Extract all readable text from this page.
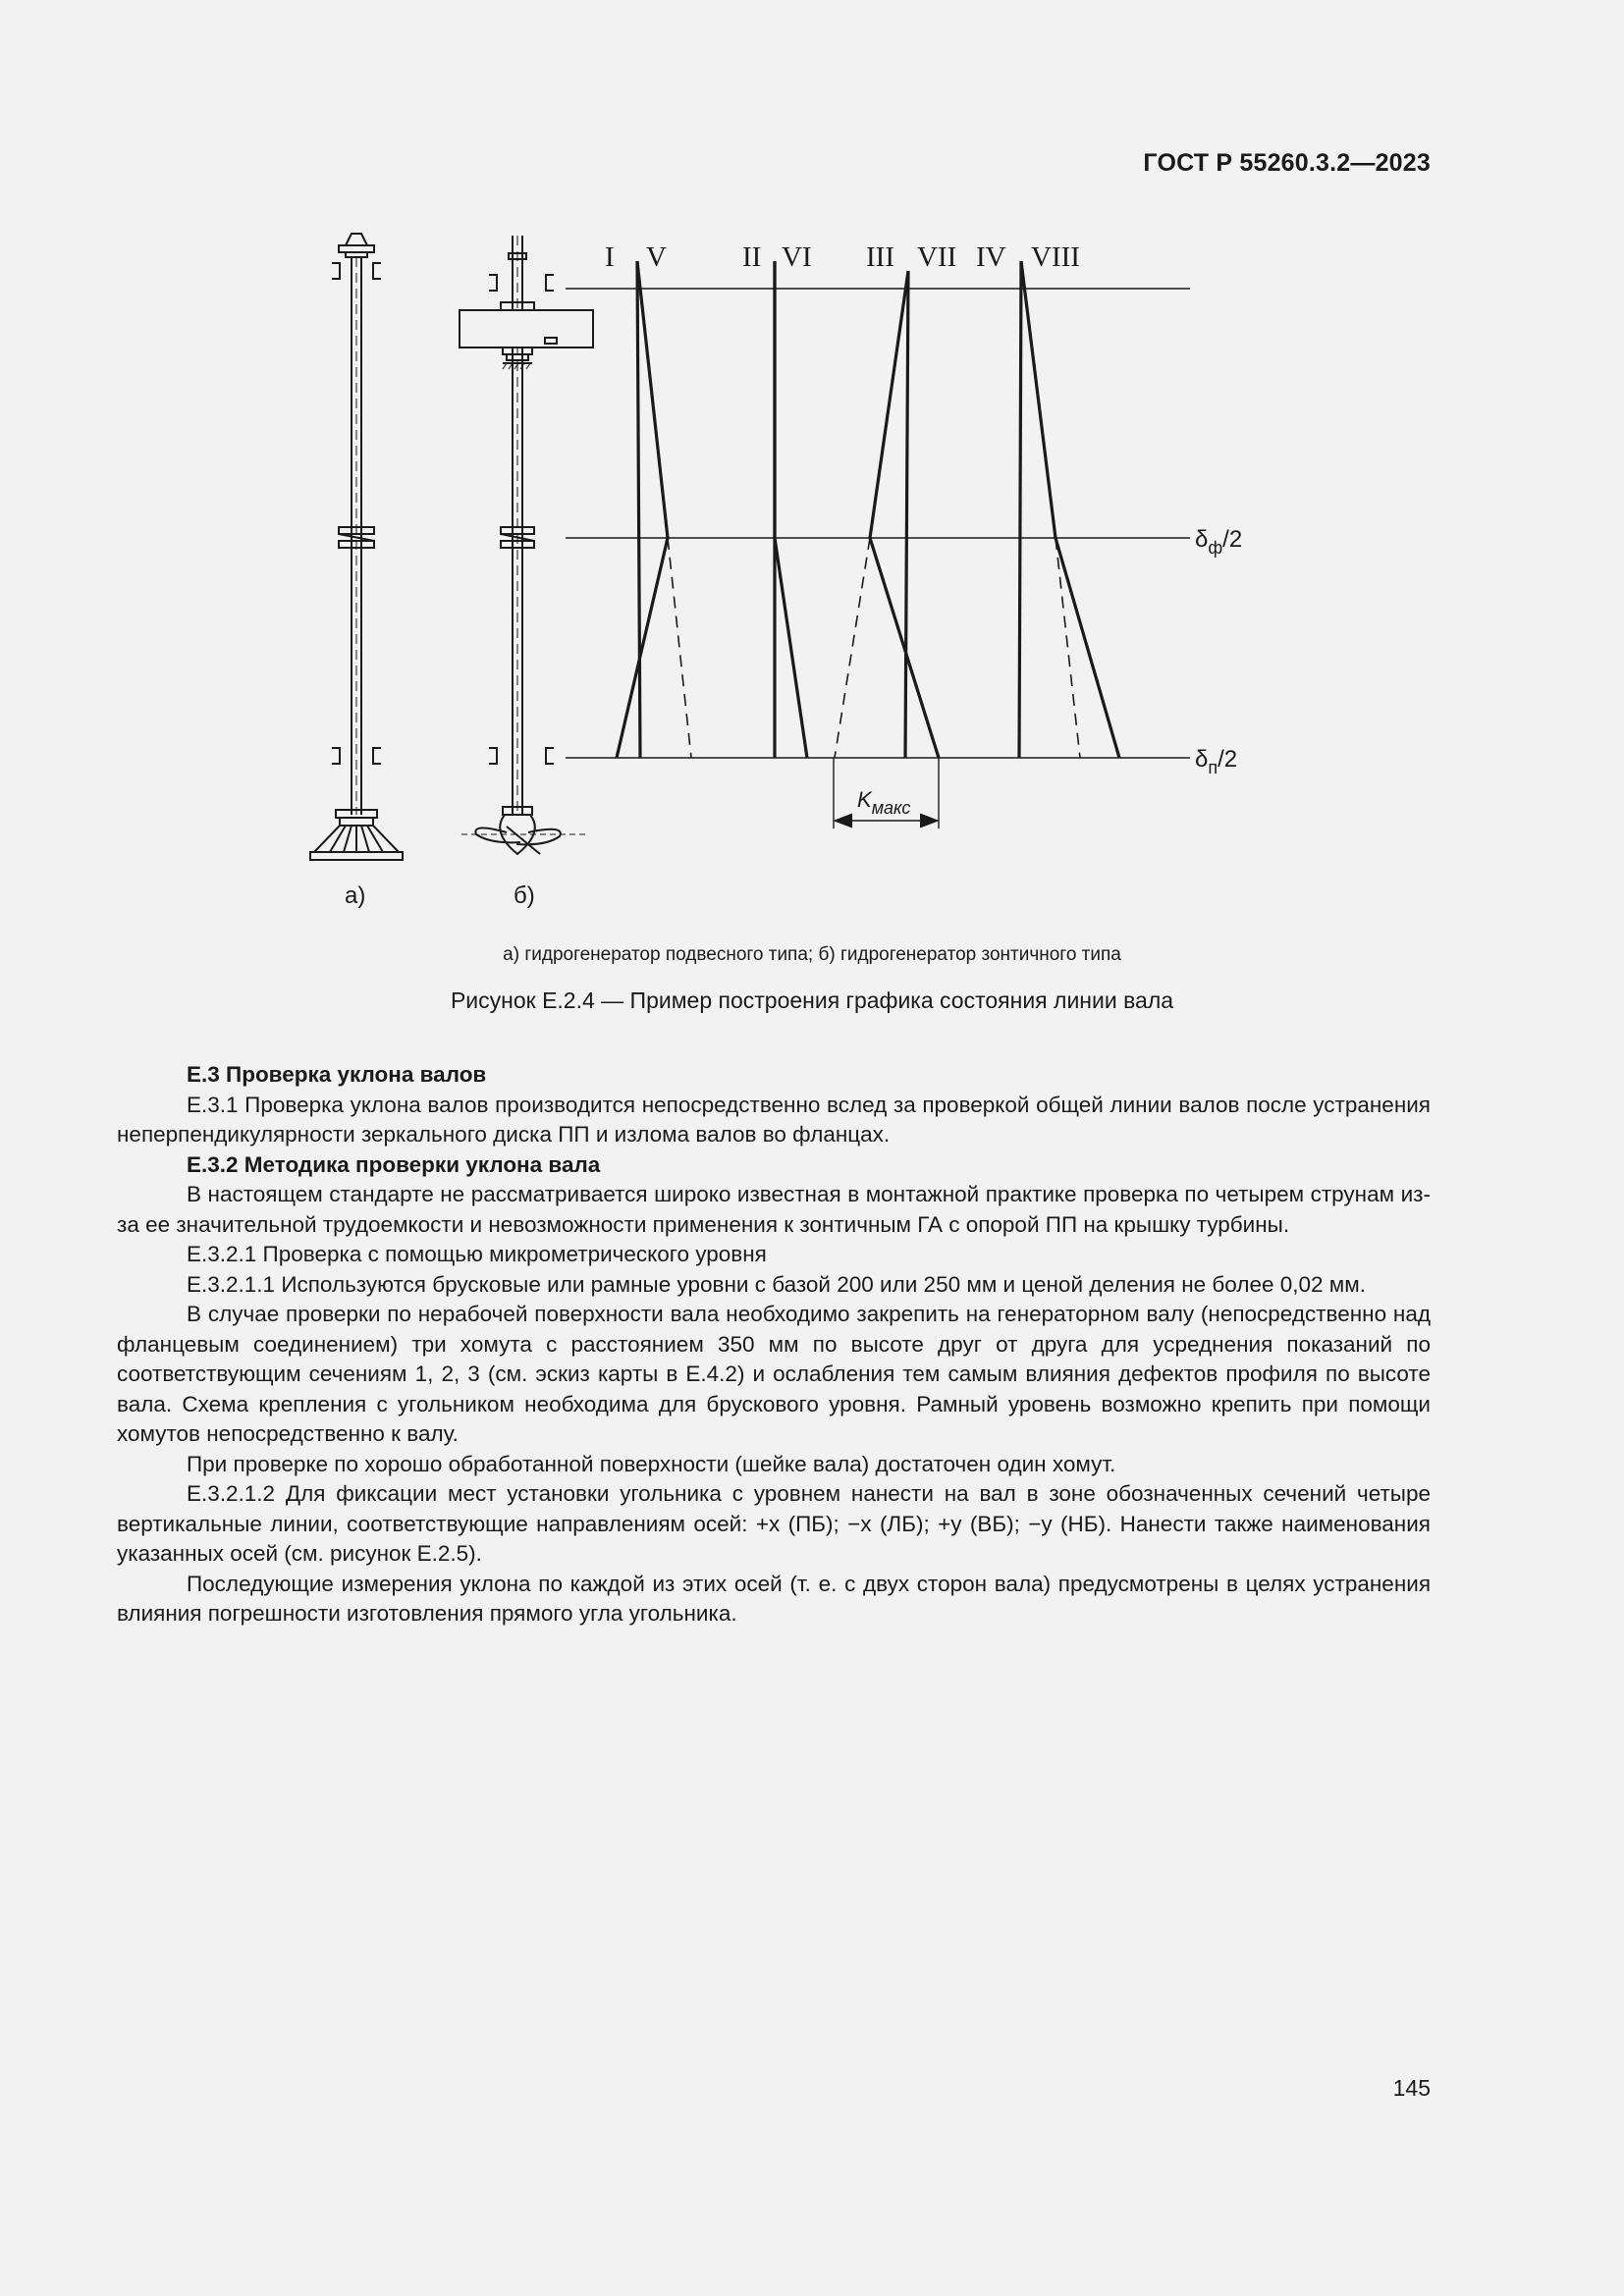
ГОСТ Р 55260.3.2—2023
I V	II VI III VII IV VIII
$\delta_ф/2$
$\delta_п/2$
$K_{макс}$
а)	б)
а) гидрогенератор подвесного типа; б) гидрогенератор зонтичного типа
Рисунок Е.2.4 — Пример построения графика состояния линии вала

Е.3 Проверка уклона валов

Е.3.1 Проверка уклона валов производится непосредственно вслед за проверкой общей линии валов после устранения неперпендикулярности зеркального диска ПП и излома валов во фланцах.

Е.3.2 Методика проверки уклона вала

В настоящем стандарте не рассматривается широко известная в монтажной практике проверка по четырем струнам из-за ее значительной трудоемкости и невозможности применения к зонтичным ГА с опорой ПП на крышку турбины.

Е.3.2.1 Проверка с помощью микрометрического уровня

Е.3.2.1.1 Используются брусковые или рамные уровни с базой 200 или 250 мм и ценой деления не более 0,02 мм.

В случае проверки по нерабочей поверхности вала необходимо закрепить на генераторном валу (непосредственно над фланцевым соединением) три хомута с расстоянием 350 мм по высоте друг от друга для усреднения показаний по соответствующим сечениям 1, 2, 3 (см. эскиз карты в Е.4.2) и ослабления тем самым влияния дефектов профиля по высоте вала. Схема крепления с угольником необходима для брускового уровня. Рамный уровень возможно крепить при помощи хомутов непосредственно к валу.

При проверке по хорошо обработанной поверхности (шейке вала) достаточен один хомут.

Е.3.2.1.2 Для фиксации мест установки угольника с уровнем нанести на вал в зоне обозначенных сечений четыре вертикальные линии, соответствующие направлениям осей: +x (ПБ); −x (ЛБ); +y (ВБ); −y (НБ). Нанести также наименования указанных осей (см. рисунок Е.2.5).

Последующие измерения уклона по каждой из этих осей (т. е. с двух сторон вала) предусмотрены в целях устранения влияния погрешности изготовления прямого угла угольника.

145
